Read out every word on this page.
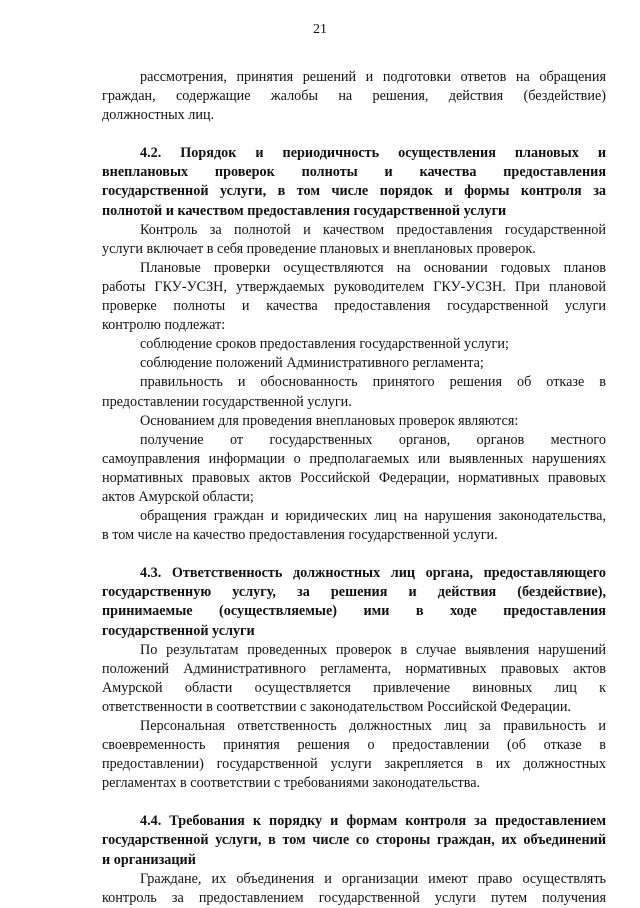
21

рассмотрения, принятия решений и подготовки ответов на обращения

граждан, содержащие жалобы на решения, действия (бездействие)

должностных лиц.

4.2. Порядок и периодичность осуществления плановых и

внеплановых проверок полноты и качества предоставления

государственной услуги, в том числе порядок и формы контроля за

полнотой и качеством предоставления государственной услуги

Контроль за полнотой и качеством предоставления государственной

услуги включает в себя проведение плановых и внеплановых проверок.

Плановые проверки осуществляются на основании годовых планов

работы ГКУ-УСЗН, утверждаемых руководителем ГКУ-УСЗН. При плановой

проверке полноты и качества предоставления государственной услуги

контролю подлежат:

соблюдение сроков предоставления государственной услуги;

соблюдение положений Административного регламента;

правильность и обоснованность принятого решения об отказе в

предоставлении государственной услуги.

Основанием для проведения внеплановых проверок являются:

получение от государственных органов, органов местного

самоуправления информации о предполагаемых или выявленных нарушениях

нормативных правовых актов Российской Федерации, нормативных правовых

актов Амурской области;

обращения граждан и юридических лиц на нарушения законодательства,

в том числе на качество предоставления государственной услуги.

4.3. Ответственность должностных лиц органа, предоставляющего

государственную услугу, за решения и действия (бездействие),

принимаемые (осуществляемые) ими в ходе предоставления

государственной услуги

По результатам проведенных проверок в случае выявления нарушений

положений Административного регламента, нормативных правовых актов

Амурской области осуществляется привлечение виновных лиц к

ответственности в соответствии с законодательством Российской Федерации.

Персональная ответственность должностных лиц за правильность и

своевременность принятия решения о предоставлении (об отказе в

предоставлении) государственной услуги закрепляется в их должностных

регламентах в соответствии с требованиями законодательства.

4.4. Требования к порядку и формам контроля за предоставлением

государственной услуги, в том числе со стороны граждан, их объединений

и организаций

Граждане, их объединения и организации имеют право осуществлять

контроль за предоставлением государственной услуги путем получения
